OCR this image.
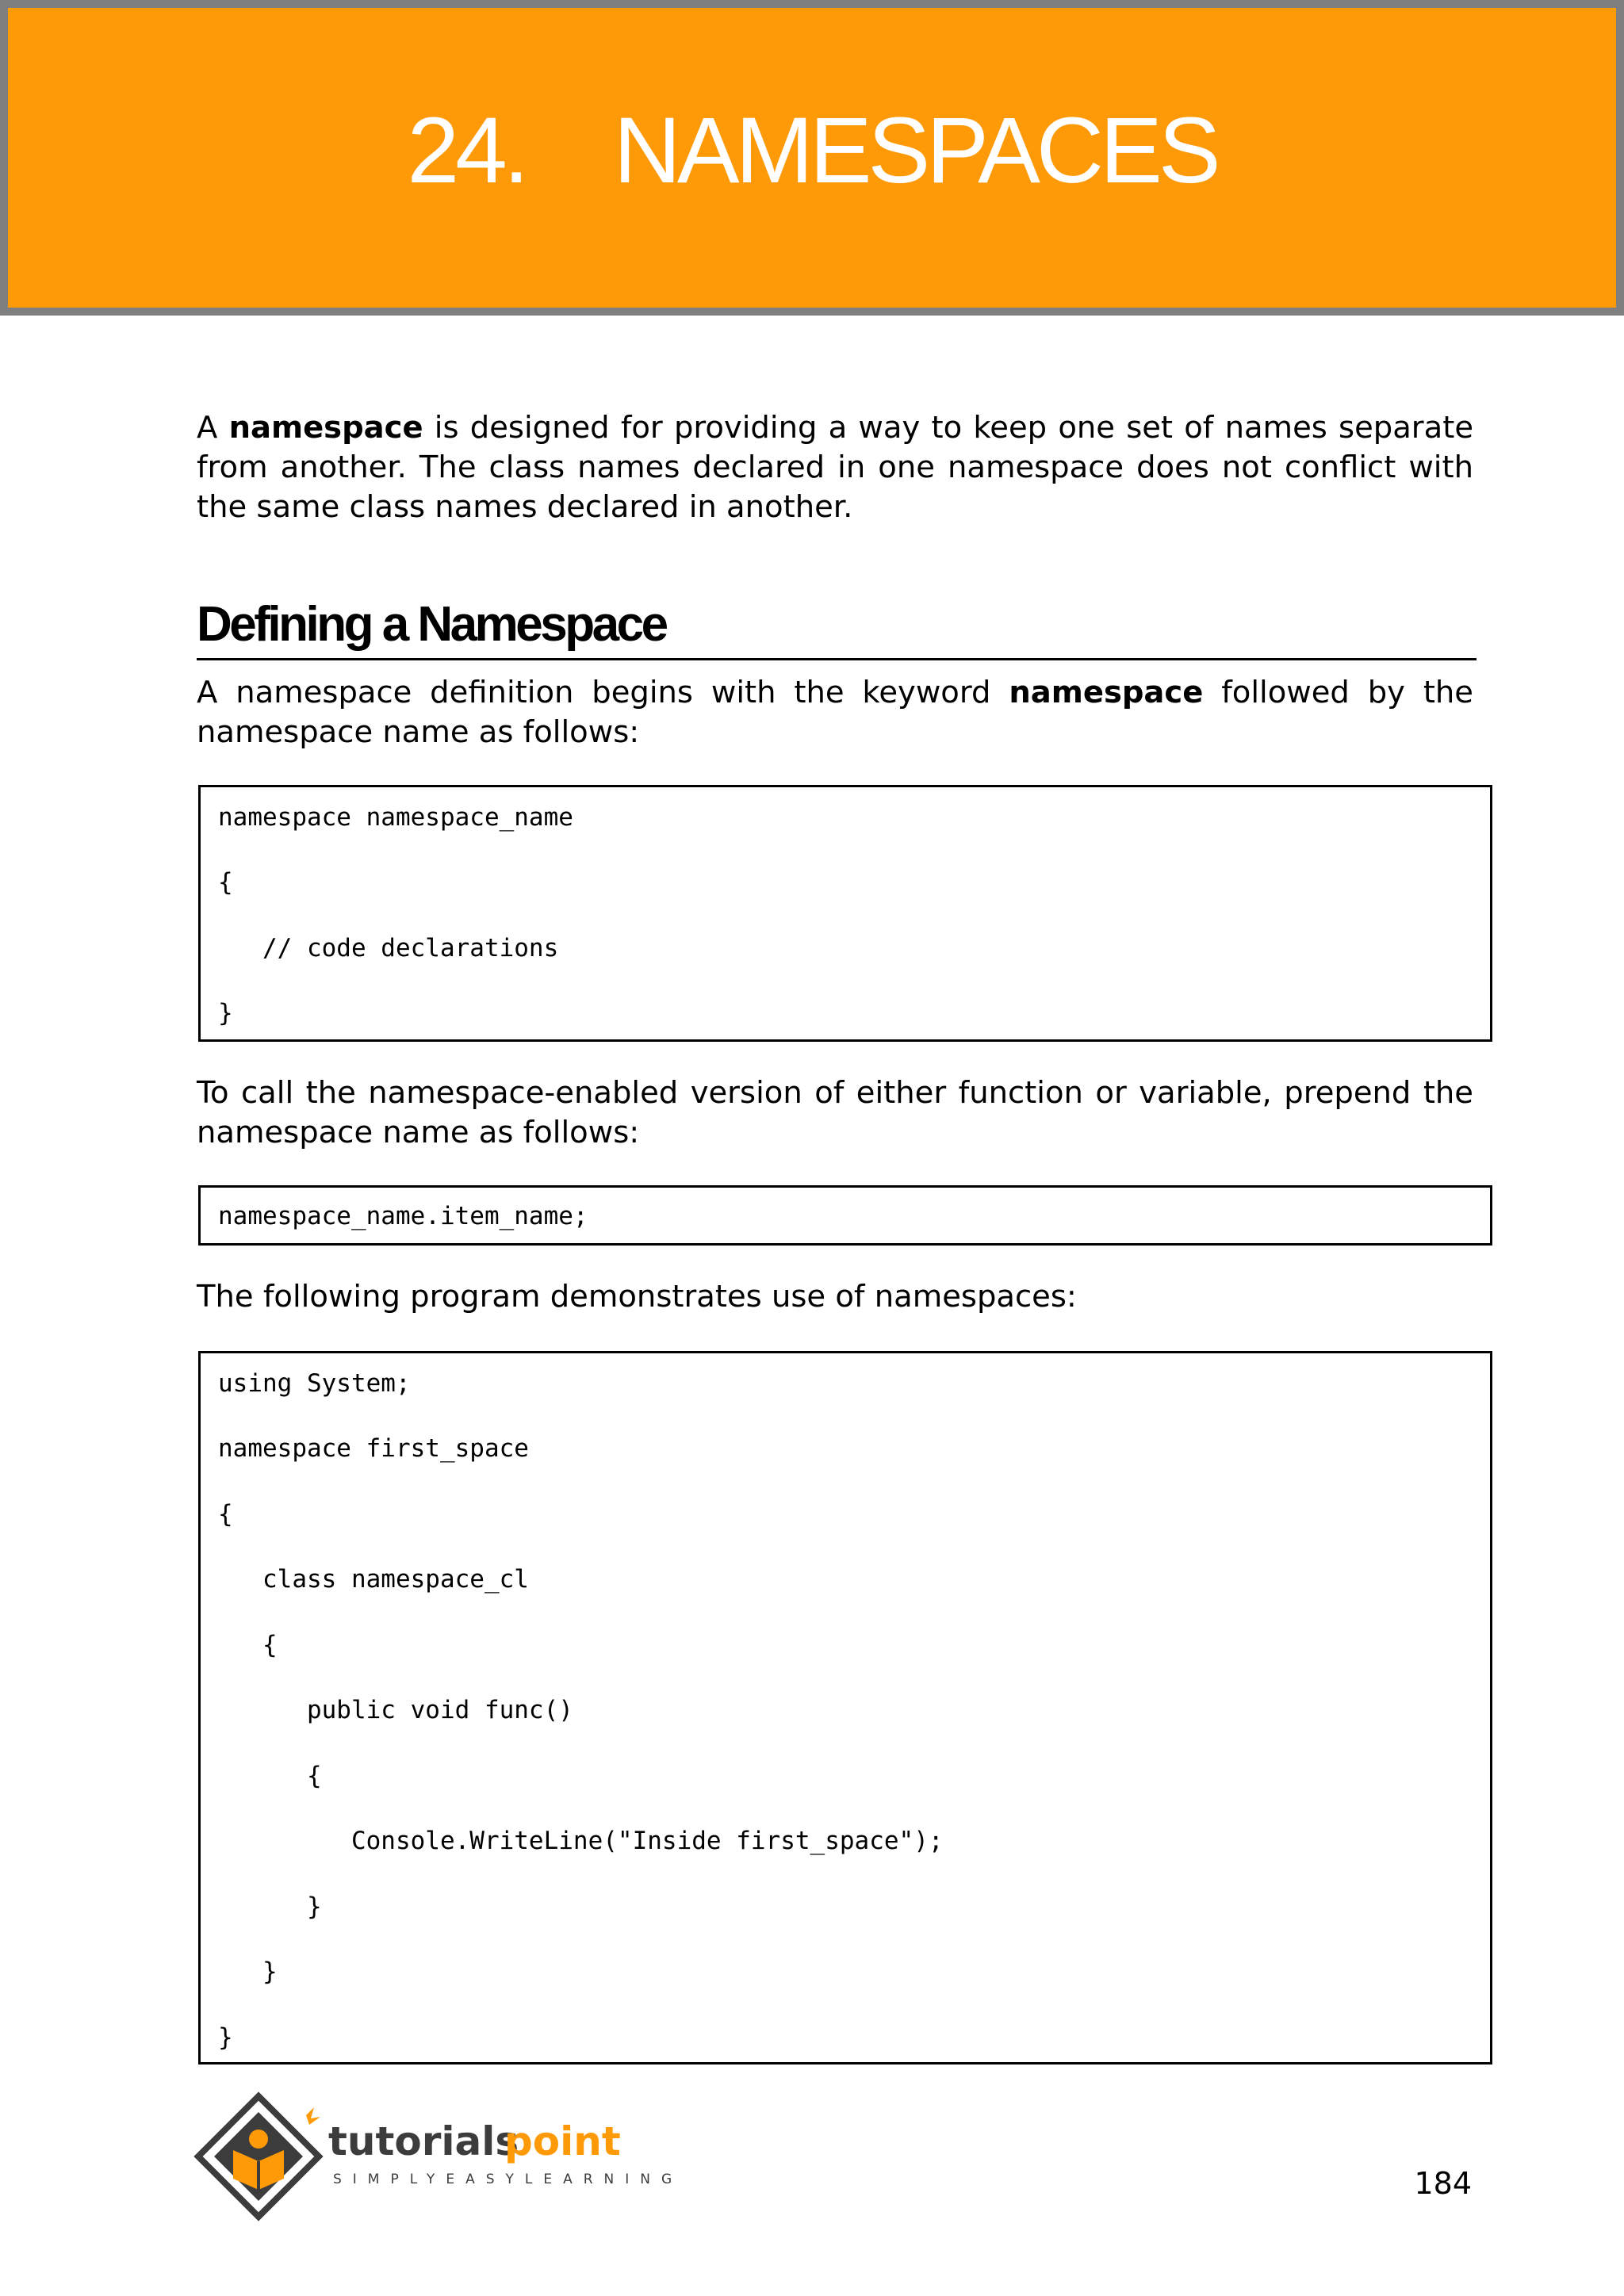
24.    NAMESPACES

A namespace is designed for providing a way to keep one set of names separate from another. The class names declared in one namespace does not conflict with the same class names declared in another.

Defining a Namespace

A namespace definition begins with the keyword namespace followed by the namespace name as follows:

namespace namespace_name
{
// code declarations
}

To call the namespace-enabled version of either function or variable, prepend the namespace name as follows:

namespace_name.item_name;

The following program demonstrates use of namespaces:

using System;
namespace first_space
{
class namespace_cl
{
public void func()
{
Console.WriteLine("Inside first_space");
}
}
}
tutorials
point
SIMPLYEASYLEARNING	184
